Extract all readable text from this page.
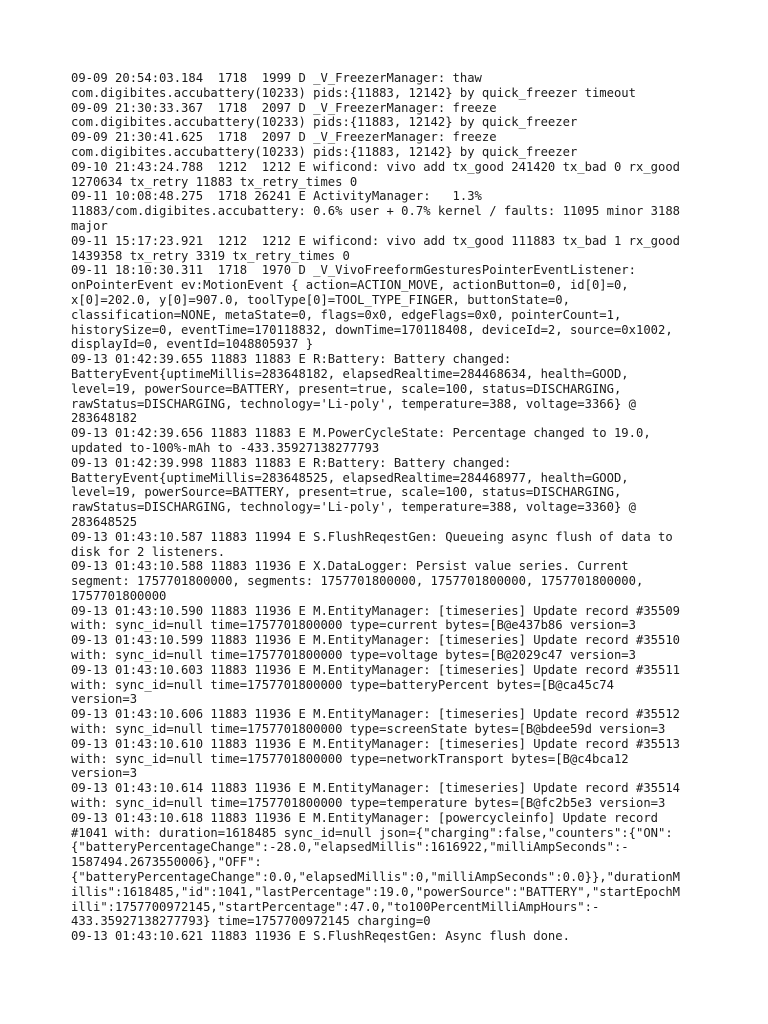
09-09 20:54:03.184  1718  1999 D _V_FreezerManager: thaw
com.digibites.accubattery(10233) pids:{11883, 12142} by quick_freezer timeout
09-09 21:30:33.367  1718  2097 D _V_FreezerManager: freeze
com.digibites.accubattery(10233) pids:{11883, 12142} by quick_freezer
09-09 21:30:41.625  1718  2097 D _V_FreezerManager: freeze
com.digibites.accubattery(10233) pids:{11883, 12142} by quick_freezer
09-10 21:43:24.788  1212  1212 E wificond: vivo add tx_good 241420 tx_bad 0 rx_good
1270634 tx_retry 11883 tx_retry_times 0
09-11 10:08:48.275  1718 26241 E ActivityManager:   1.3%
11883/com.digibites.accubattery: 0.6% user + 0.7% kernel / faults: 11095 minor 3188
major
09-11 15:17:23.921  1212  1212 E wificond: vivo add tx_good 111883 tx_bad 1 rx_good
1439358 tx_retry 3319 tx_retry_times 0
09-11 18:10:30.311  1718  1970 D _V_VivoFreeformGesturesPointerEventListener:
onPointerEvent ev:MotionEvent { action=ACTION_MOVE, actionButton=0, id[0]=0,
x[0]=202.0, y[0]=907.0, toolType[0]=TOOL_TYPE_FINGER, buttonState=0,
classification=NONE, metaState=0, flags=0x0, edgeFlags=0x0, pointerCount=1,
historySize=0, eventTime=170118832, downTime=170118408, deviceId=2, source=0x1002,
displayId=0, eventId=1048805937 }
09-13 01:42:39.655 11883 11883 E R:Battery: Battery changed:
BatteryEvent{uptimeMillis=283648182, elapsedRealtime=284468634, health=GOOD,
level=19, powerSource=BATTERY, present=true, scale=100, status=DISCHARGING,
rawStatus=DISCHARGING, technology='Li-poly', temperature=388, voltage=3366} @
283648182
09-13 01:42:39.656 11883 11883 E M.PowerCycleState: Percentage changed to 19.0,
updated to-100%-mAh to -433.35927138277793
09-13 01:42:39.998 11883 11883 E R:Battery: Battery changed:
BatteryEvent{uptimeMillis=283648525, elapsedRealtime=284468977, health=GOOD,
level=19, powerSource=BATTERY, present=true, scale=100, status=DISCHARGING,
rawStatus=DISCHARGING, technology='Li-poly', temperature=388, voltage=3360} @
283648525
09-13 01:43:10.587 11883 11994 E S.FlushReqestGen: Queueing async flush of data to
disk for 2 listeners.
09-13 01:43:10.588 11883 11936 E X.DataLogger: Persist value series. Current
segment: 1757701800000, segments: 1757701800000, 1757701800000, 1757701800000,
1757701800000
09-13 01:43:10.590 11883 11936 E M.EntityManager: [timeseries] Update record #35509
with: sync_id=null time=1757701800000 type=current bytes=[B@e437b86 version=3
09-13 01:43:10.599 11883 11936 E M.EntityManager: [timeseries] Update record #35510
with: sync_id=null time=1757701800000 type=voltage bytes=[B@2029c47 version=3
09-13 01:43:10.603 11883 11936 E M.EntityManager: [timeseries] Update record #35511
with: sync_id=null time=1757701800000 type=batteryPercent bytes=[B@ca45c74
version=3
09-13 01:43:10.606 11883 11936 E M.EntityManager: [timeseries] Update record #35512
with: sync_id=null time=1757701800000 type=screenState bytes=[B@bdee59d version=3
09-13 01:43:10.610 11883 11936 E M.EntityManager: [timeseries] Update record #35513
with: sync_id=null time=1757701800000 type=networkTransport bytes=[B@c4bca12
version=3
09-13 01:43:10.614 11883 11936 E M.EntityManager: [timeseries] Update record #35514
with: sync_id=null time=1757701800000 type=temperature bytes=[B@fc2b5e3 version=3
09-13 01:43:10.618 11883 11936 E M.EntityManager: [powercycleinfo] Update record
#1041 with: duration=1618485 sync_id=null json={"charging":false,"counters":{"ON":
{"batteryPercentageChange":-28.0,"elapsedMillis":1616922,"milliAmpSeconds":-
1587494.2673550006},"OFF":
{"batteryPercentageChange":0.0,"elapsedMillis":0,"milliAmpSeconds":0.0}},"durationM
illis":1618485,"id":1041,"lastPercentage":19.0,"powerSource":"BATTERY","startEpochM
illi":1757700972145,"startPercentage":47.0,"to100PercentMilliAmpHours":-
433.35927138277793} time=1757700972145 charging=0
09-13 01:43:10.621 11883 11936 E S.FlushReqestGen: Async flush done.
